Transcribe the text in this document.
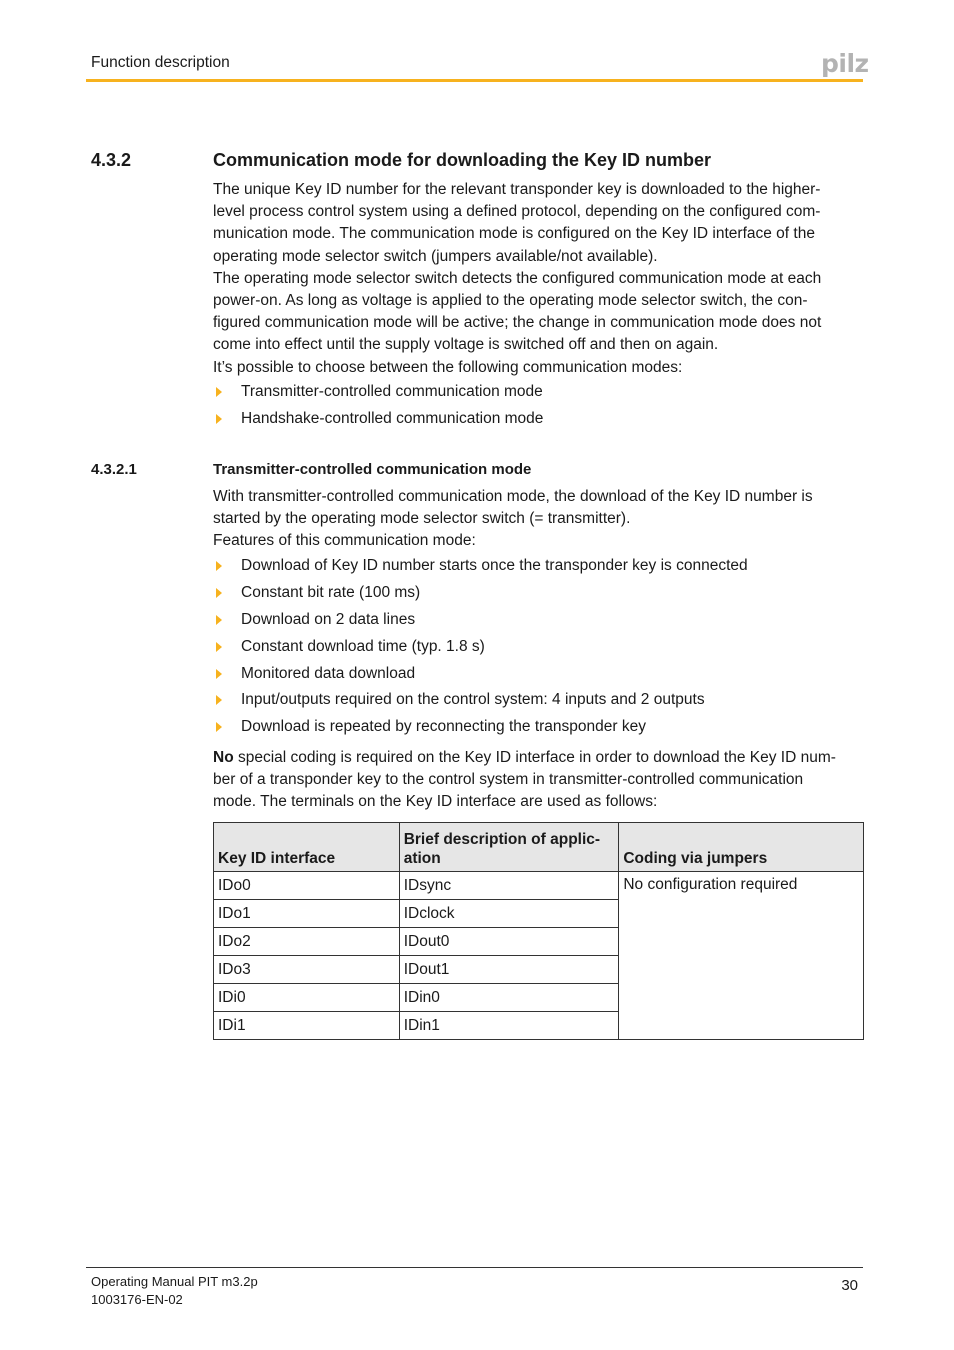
Function description	pilz
4.3.2	Communication mode for downloading the Key ID number
The unique Key ID number for the relevant transponder key is downloaded to the higher-
level process control system using a defined protocol, depending on the configured com-
munication mode. The communication mode is configured on the Key ID interface of the
operating mode selector switch (jumpers available/not available).
The operating mode selector switch detects the configured communication mode at each
power-on. As long as voltage is applied to the operating mode selector switch, the con-
figured communication mode will be active; the change in communication mode does not
come into effect until the supply voltage is switched off and then on again.
It’s possible to choose between the following communication modes:
Transmitter-controlled communication mode
Handshake-controlled communication mode
4.3.2.1	Transmitter-controlled communication mode
With transmitter-controlled communication mode, the download of the Key ID number is
started by the operating mode selector switch (= transmitter).
Features of this communication mode:
Download of Key ID number starts once the transponder key is connected
Constant bit rate (100 ms)
Download on 2 data lines
Constant download time (typ. 1.8 s)
Monitored data download
Input/outputs required on the control system: 4 inputs and 2 outputs
Download is repeated by reconnecting the transponder key
No special coding is required on the Key ID interface in order to download the Key ID num-
ber of a transponder key to the control system in transmitter-controlled communication
mode. The terminals on the Key ID interface are used as follows:
Key ID interface	Brief description of applic-
ation	Coding via jumpers
IDo0	IDsync	No configuration required
IDo1	IDclock	
IDo2	IDout0	
IDo3	IDout1	
IDi0	IDin0	
IDi1	IDin1	
Operating Manual PIT m3.2p
1003176-EN-02
30
